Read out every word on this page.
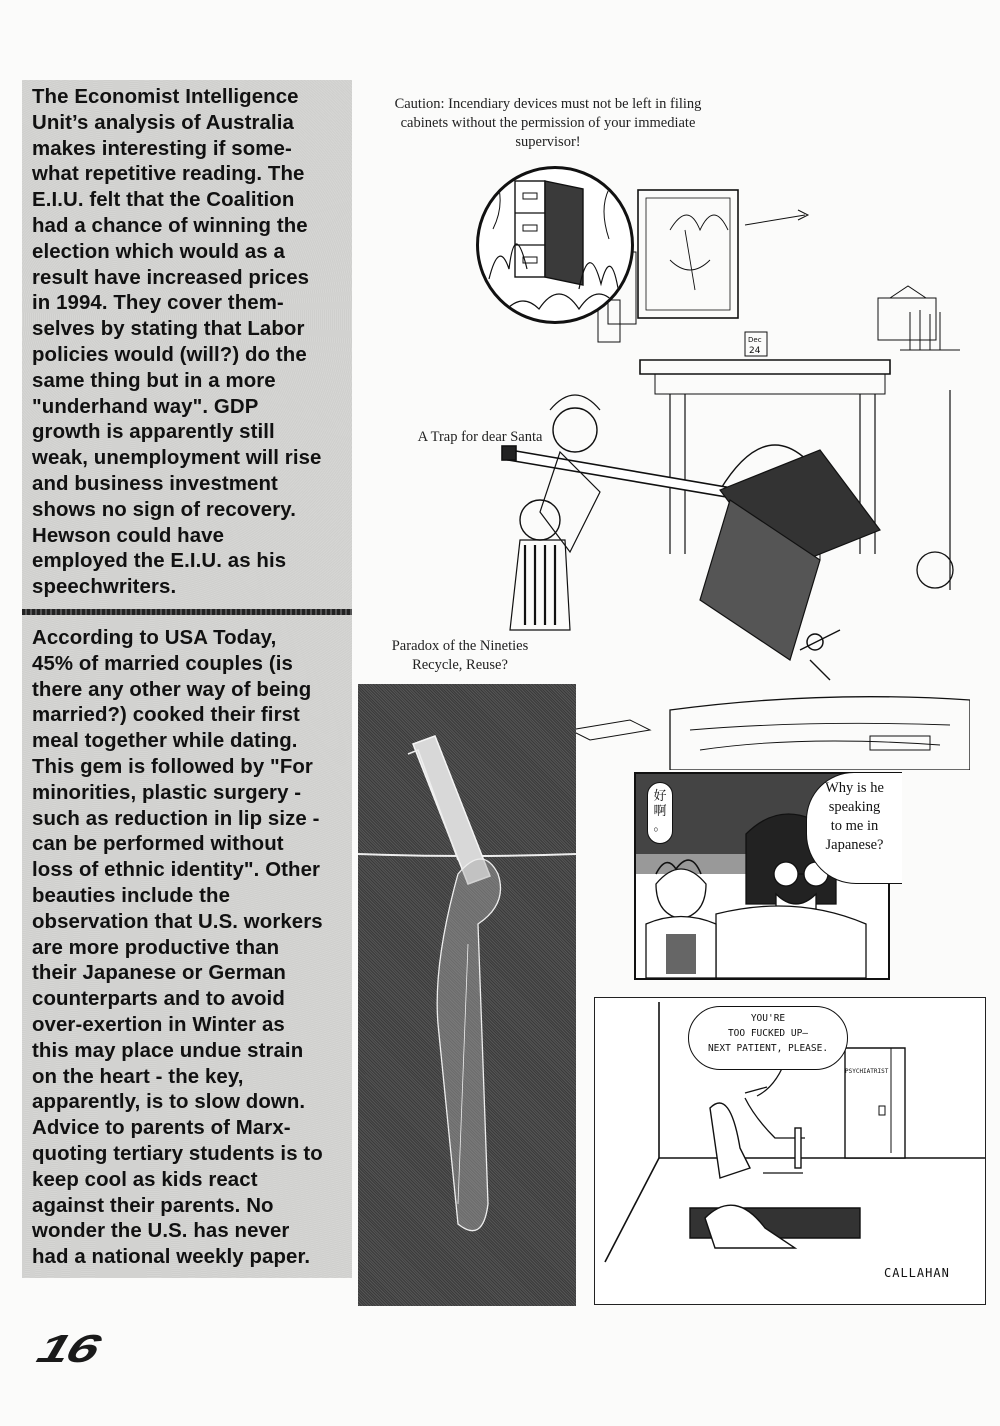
The Economist Intelligence
Unit’s analysis of Australia
makes interesting if some-
what repetitive reading. The
E.I.U. felt that the Coalition
had a chance of winning the
election which would as a
result have increased prices
in 1994. They cover them-
selves by stating that Labor
policies would (will?) do the
same thing but in a more
"underhand way". GDP
growth is apparently still
weak, unemployment will rise
and business investment
shows no sign of recovery.
Hewson could have
employed the E.I.U. as his
speechwriters.
According to USA Today,
45% of married couples (is
there any other way of being
married?) cooked their first
meal together while dating.
This gem is followed by "For
minorities, plastic surgery -
such as reduction in lip size -
can be performed without
loss of ethnic identity". Other
beauties include the
observation that U.S. workers
are more productive than
their Japanese or German
counterparts and to avoid
over-exertion in Winter as
this may place undue strain
on the heart - the key,
apparently, is to slow down.
Advice to parents of Marx-
quoting tertiary students is to
keep cool as kids react
against their parents. No
wonder the U.S. has never
had a national weekly paper.
Caution: Incendiary devices must not be left in filing
cabinets without the permission of your immediate
supervisor!
A Trap for dear Santa
Paradox of the Nineties
Recycle, Reuse?
Dec
24
好
啊
。
Why is he
speaking
to me in
Japanese?
YOU'RE
TOO FUCKED UP—
NEXT PATIENT, PLEASE.
PSYCHIATRIST
CALLAHAN
16
